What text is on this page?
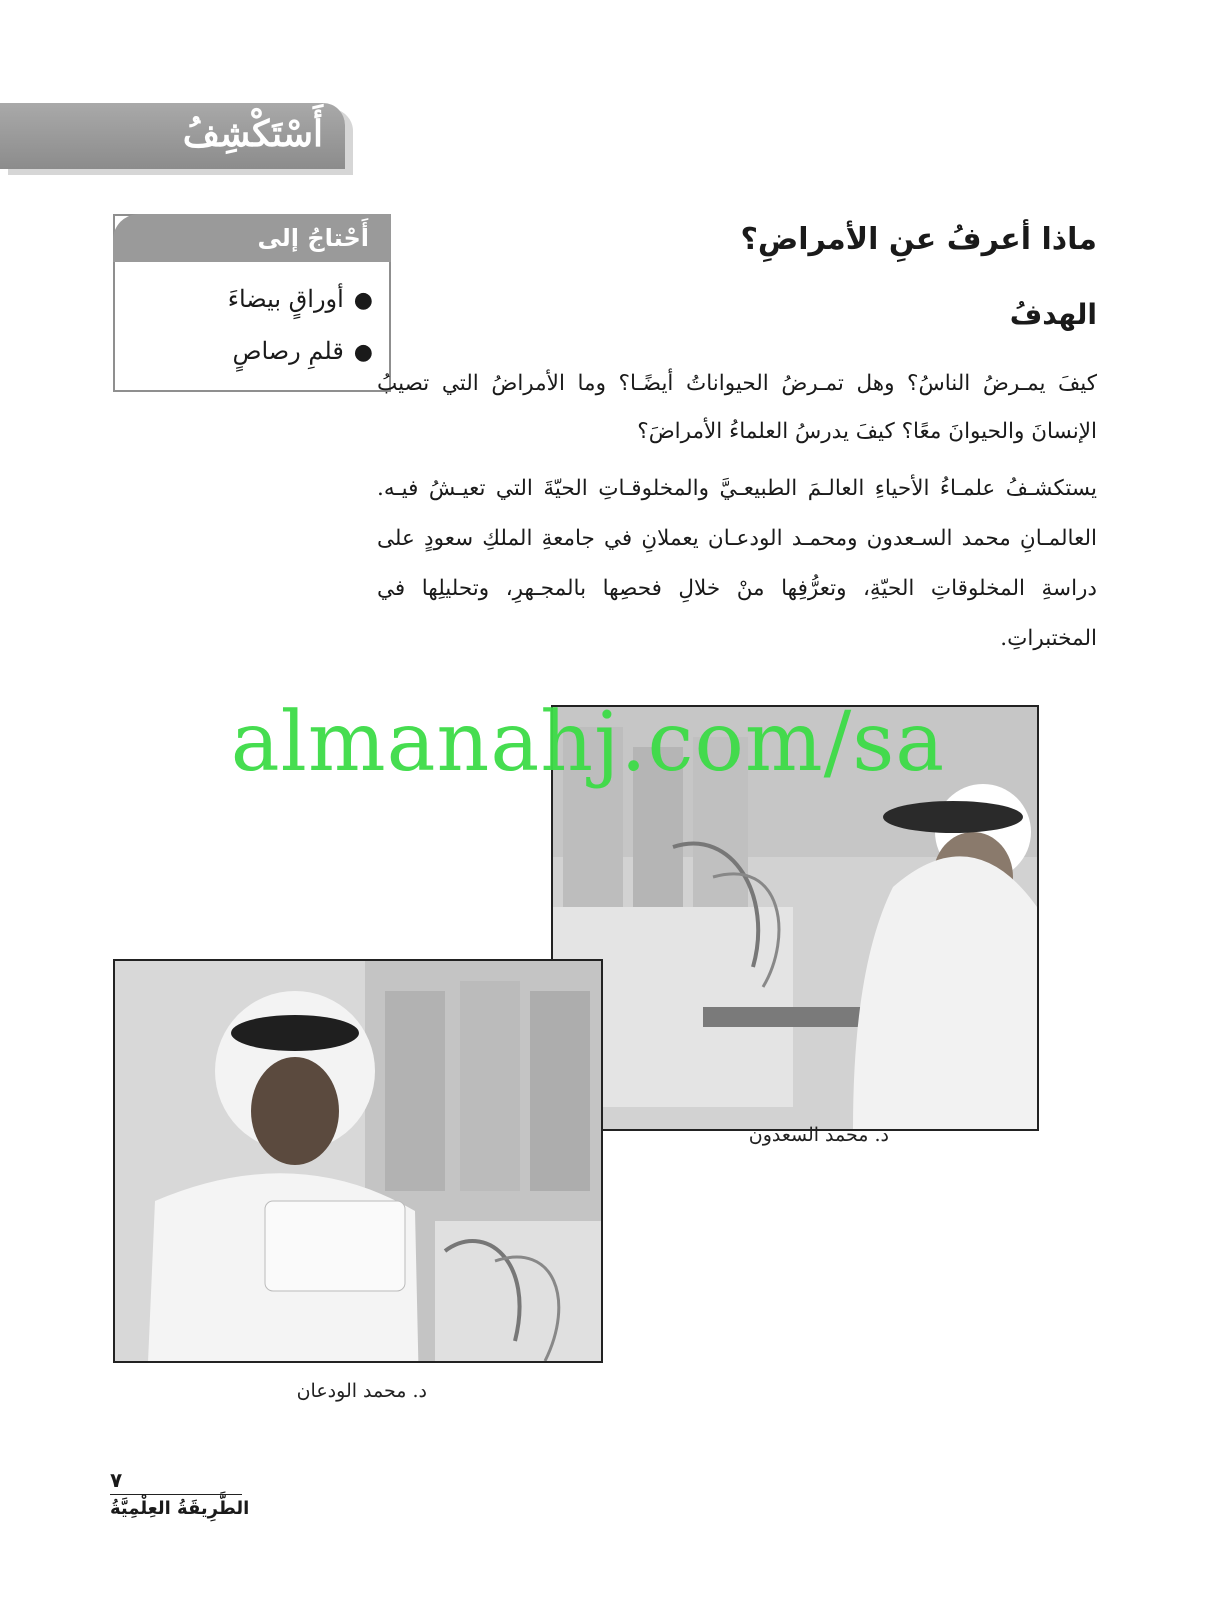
أَسْتَكْشِفُ
أَحْتاجُ إلى
●أوراقٍ بيضاءَ
●قلمِ رصاصٍ
ماذا أعرفُ عنِ الأمراضِ؟
الهدفُ

كيفَ يمـرضُ الناسُ؟ وهل تمـرضُ الحيواناتُ أيضًـا؟ وما الأمراضُ التي تصيبُ الإنسانَ والحيوانَ معًا؟ كيفَ يدرسُ العلماءُ الأمراضَ؟

يستكشـفُ علمـاءُ الأحياءِ العالـمَ الطبيعـيَّ والمخلوقـاتِ الحيّةَ التي تعيـشُ فيـه. العالمـانِ محمد السـعدون ومحمـد الودعـان يعملانِ في جامعةِ الملكِ سعودٍ على دراسةِ المخلوقاتِ الحيّةِ، وتعرُّفِها منْ خلالِ فحصِها بالمجـهرِ، وتحليلِها في المختبراتِ.

د. محمد السعدون
د. محمد الودعان
almanahj.com/sa
٧
الطَّرِيقَةُ العِلْمِيَّةُ
